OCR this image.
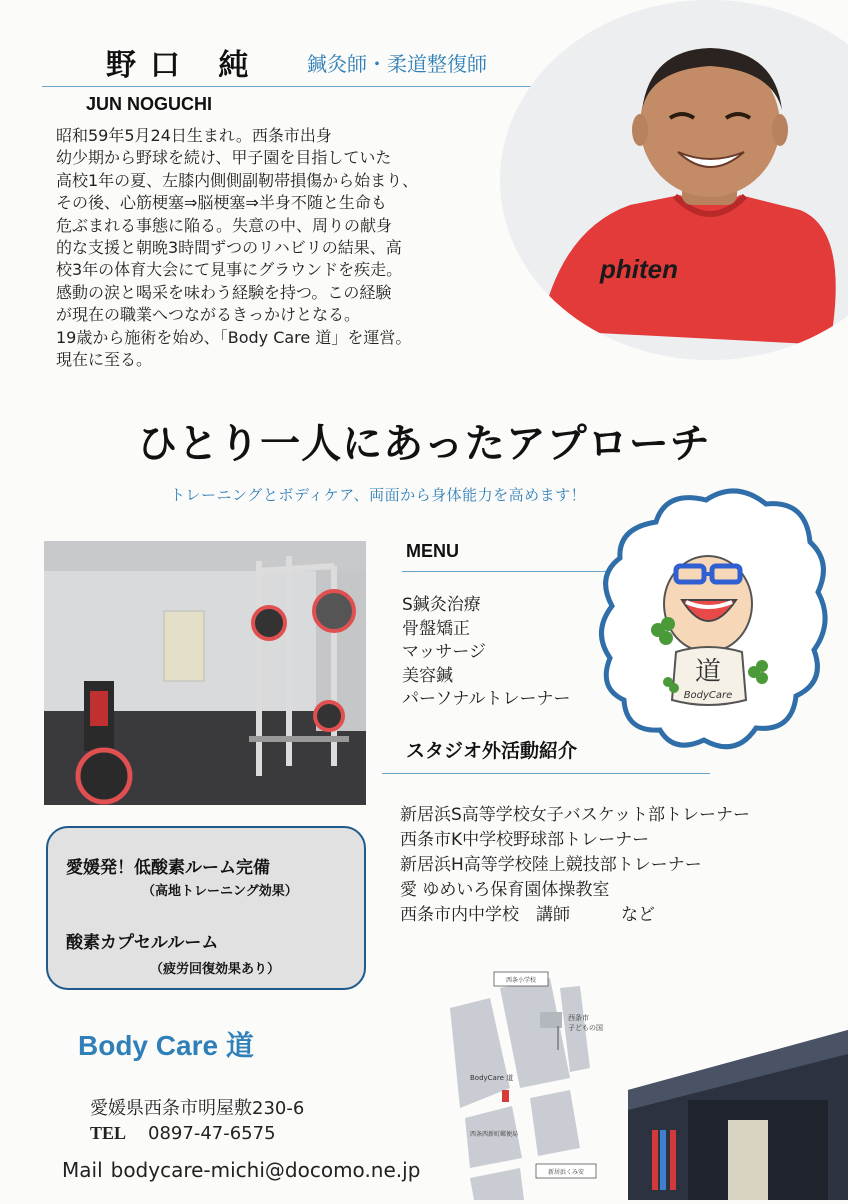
野口 純 鍼灸師・柔道整復師
JUN NOGUCHI
phiten
昭和59年5月24日生まれ。西条市出身
幼少期から野球を続け、甲子園を目指していた
高校1年の夏、左膝内側側副靭帯損傷から始まり、
その後、心筋梗塞⇒脳梗塞⇒半身不随と生命も
危ぶまれる事態に陥る。失意の中、周りの献身
的な支援と朝晩3時間ずつのリハビリの結果、高
校3年の体育大会にて見事にグラウンドを疾走。
感動の涙と喝采を味わう経験を持つ。この経験
が現在の職業へつながるきっかけとなる。
19歳から施術を始め、「Body Care 道」を運営。
現在に至る。
ひとり一人にあったアプローチ
トレーニングとボディケア、両面から身体能力を高めます！
MENU
S鍼灸治療
骨盤矯正
マッサージ
美容鍼
パーソナルトレーナー
道
BodyCare
スタジオ外活動紹介
新居浜S高等学校女子バスケット部トレーナー
西条市K中学校野球部トレーナー
新居浜H高等学校陸上競技部トレーナー
愛 ゆめいろ保育園体操教室
西条市内中学校　講師　　　など
愛媛発！低酸素ルーム完備
（高地トレーニング効果）
酸素カプセルルーム
（疲労回復効果あり）
Body Care 道
愛媛県西条市明屋敷230-6
TEL 0897-47-6575
Mail bodycare-michi@docomo.ne.jp
西条小学校
西条市
子どもの国
BodyCare 道
西条西新町郵便局
新居浜くみ安
